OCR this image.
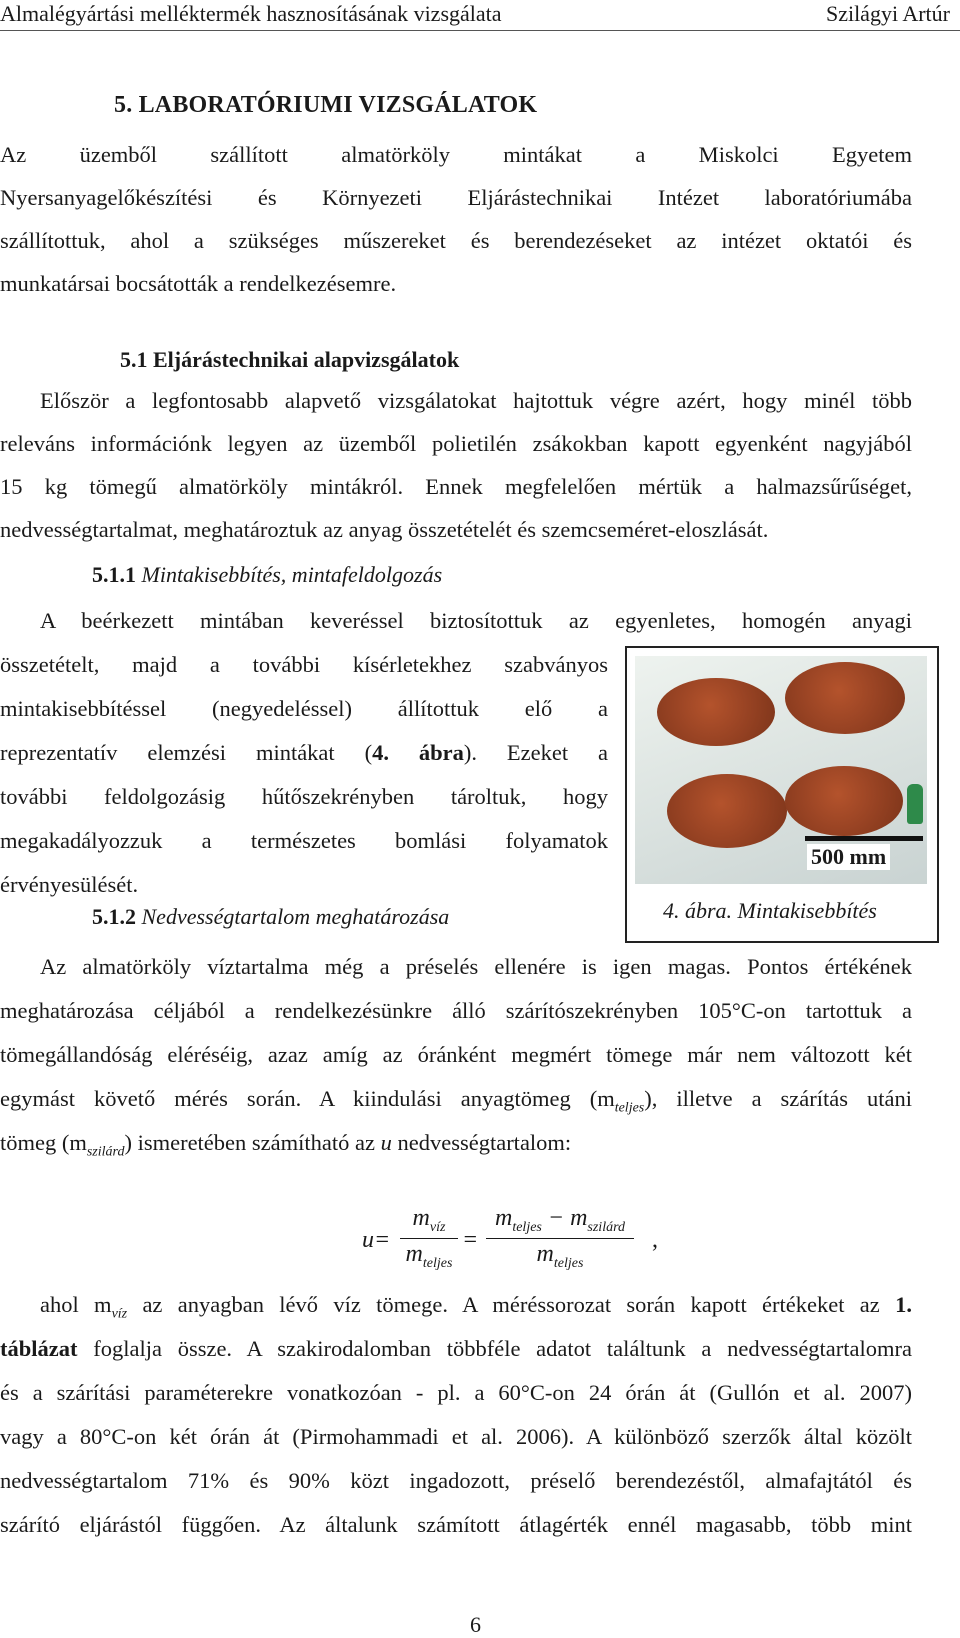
Almalégyártási melléktermék hasznosításának vizsgálata	Szilágyi Artúr
5. LABORATÓRIUMI VIZSGÁLATOK
Az üzemből szállított almatörköly mintákat a Miskolci Egyetem
Nyersanyagelőkészítési és Környezeti Eljárástechnikai Intézet laboratóriumába
szállítottuk, ahol a szükséges műszereket és berendezéseket az intézet oktatói és
munkatársai bocsátották a rendelkezésemre.
5.1 Eljárástechnikai alapvizsgálatok
Először a legfontosabb alapvető vizsgálatokat hajtottuk végre azért, hogy minél több
releváns információnk legyen az üzemből polietilén zsákokban kapott egyenként nagyjából
15 kg tömegű almatörköly mintákról. Ennek megfelelően mértük a halmazsűrűséget,
nedvességtartalmat, meghatároztuk az anyag összetételét és szemcseméret-eloszlását.
5.1.1 Mintakisebbítés, mintafeldolgozás
A beérkezett mintában keveréssel biztosítottuk az egyenletes, homogén anyagi
összetételt, majd a további kísérletekhez szabványos
mintakisebbítéssel (negyedeléssel) állítottuk elő a
reprezentatív elemzési mintákat (4. ábra). Ezeket a
további feldolgozásig hűtőszekrényben tároltuk, hogy
megakadályozzuk a természetes bomlási folyamatok
érvényesülését.
500 mm
4. ábra. Mintakisebbítés
5.1.2 Nedvességtartalom meghatározása
Az almatörköly víztartalma még a préselés ellenére is igen magas. Pontos értékének
meghatározása céljából a rendelkezésünkre álló szárítószekrényben 105°C-on tartottuk a
tömegállandóság eléréséig, azaz amíg az óránként megmért tömege már nem változott két
egymást követő mérés során. A kiindulási anyagtömeg $(m_{teljes})$, illetve a szárítás utáni
tömeg $(m_{szilárd})$ ismeretében számítható az u nedvességtartalom:
u=
$m_{víz}$
$m_{teljes}$
=
$m_{teljes} - m_{szilárd}$
$m_{teljes}$
,
ahol $m_{víz}$ az anyagban lévő víz tömege. A méréssorozat során kapott értékeket az 1.
táblázat foglalja össze. A szakirodalomban többféle adatot találtunk a nedvességtartalomra
és a szárítási paraméterekre vonatkozóan - pl. a 60°C-on 24 órán át (Gullón et al. 2007)
vagy a 80°C-on két órán át (Pirmohammadi et al. 2006). A különböző szerzők által közölt
nedvességtartalom 71% és 90% közt ingadozott, préselő berendezéstől, almafajtától és
szárító eljárástól függően. Az általunk számított átlagérték ennél magasabb, több mint
6
